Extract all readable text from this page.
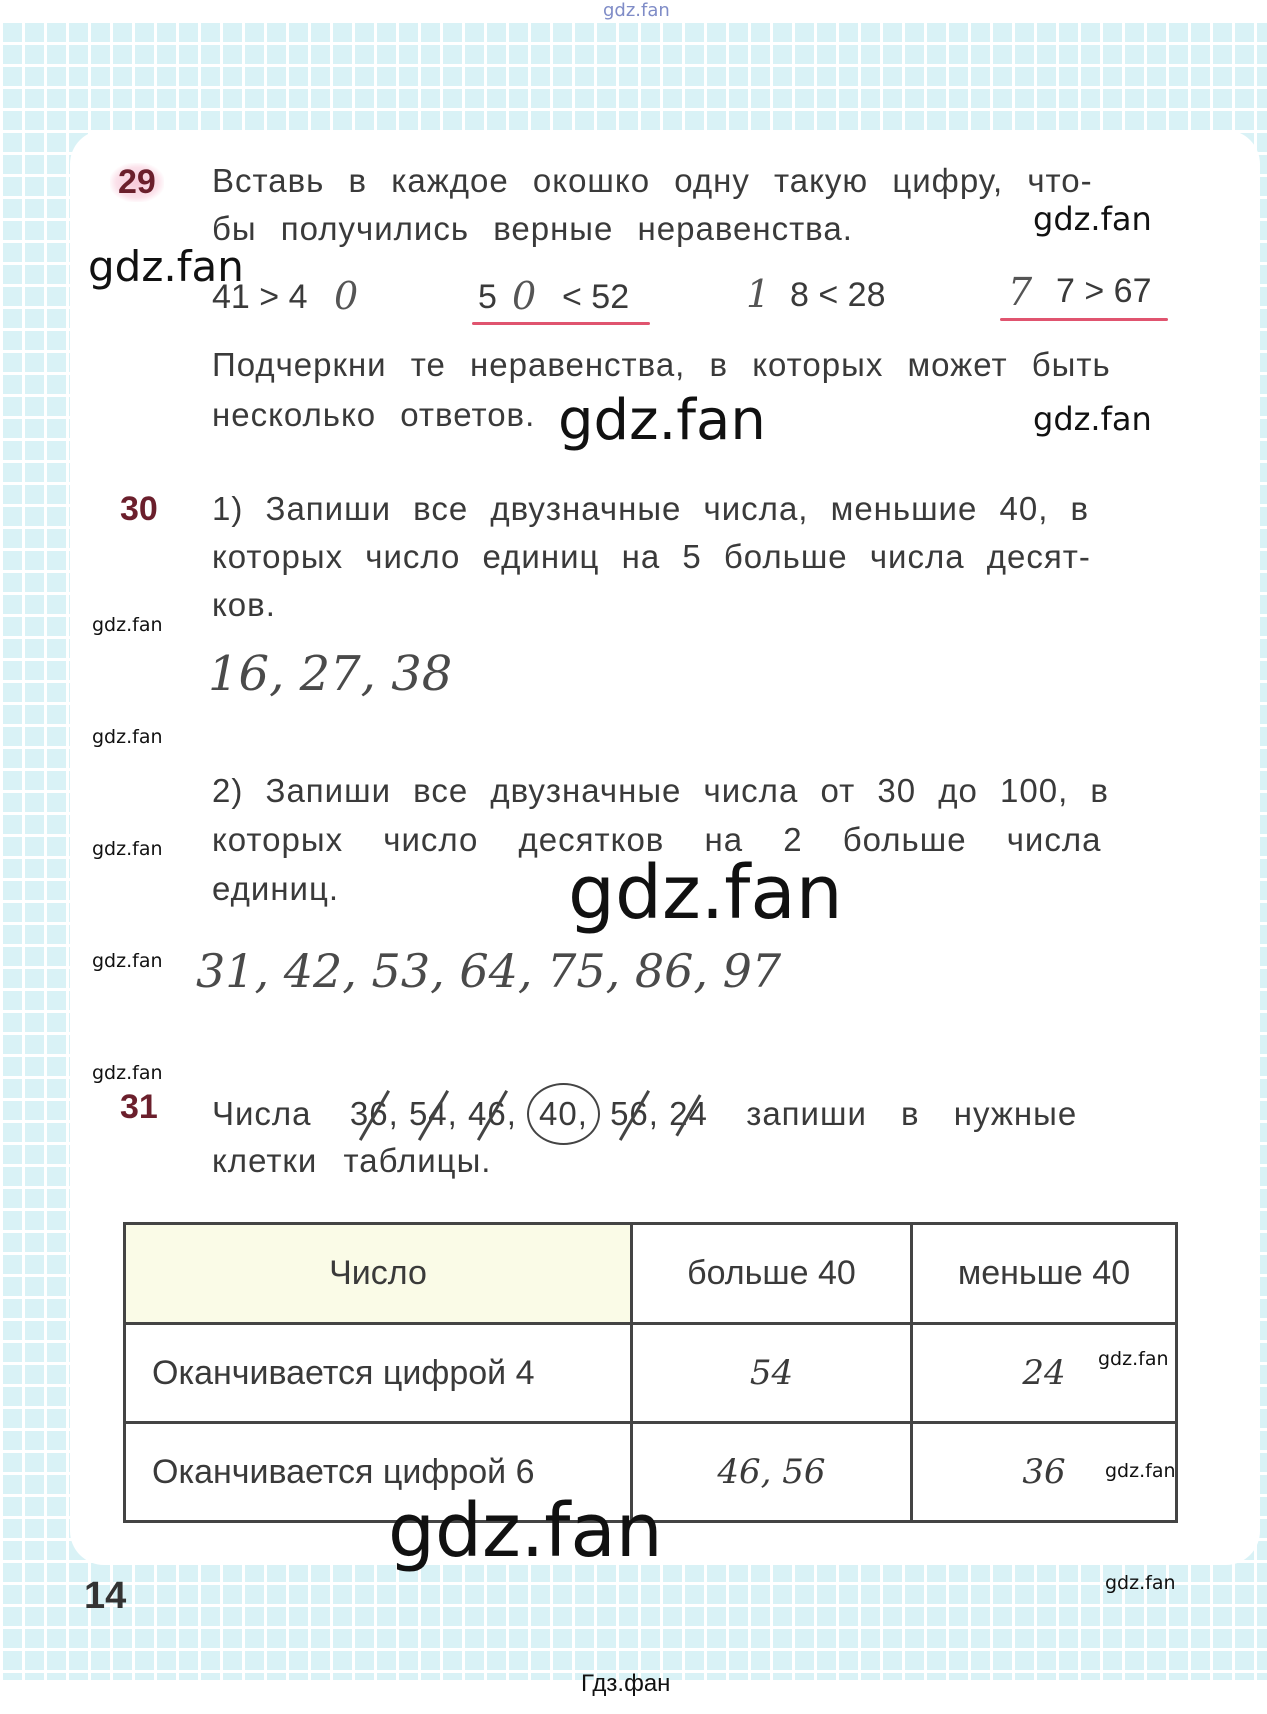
gdz.fan
29 Вставь в каждое окошко одну такую цифру, что-
бы получились верные неравенства.
41 > 4 0	5 0 < 52	1 8 < 28	7 7 > 67
Подчеркни те неравенства, в которых может быть
несколько ответов.
30 1) Запиши все двузначные числа, меньшие 40, в
которых число единиц на 5 больше числа десят-
ков.
16, 27, 38
2) Запиши все двузначные числа от 30 до 100, в
которых число десятков на 2 больше числа
единиц.
31, 42, 53, 64, 75, 86, 97
31 Числа 36, 54, 46, 40, 56, 24 запиши в нужные
клетки таблицы.
Число	больше 40	меньше 40
Оканчивается цифрой 4	54	24
Оканчивается цифрой 6	46, 56	36
14
Гдз.фан
gdz.fan
gdz.fan
gdz.fan	gdz.fan
gdz.fan
gdz.fan
gdz.fan
gdz.fan
gdz.fan
gdz.fan
gdz.fan
gdz.fan
gdz.fan
gdz.fan
